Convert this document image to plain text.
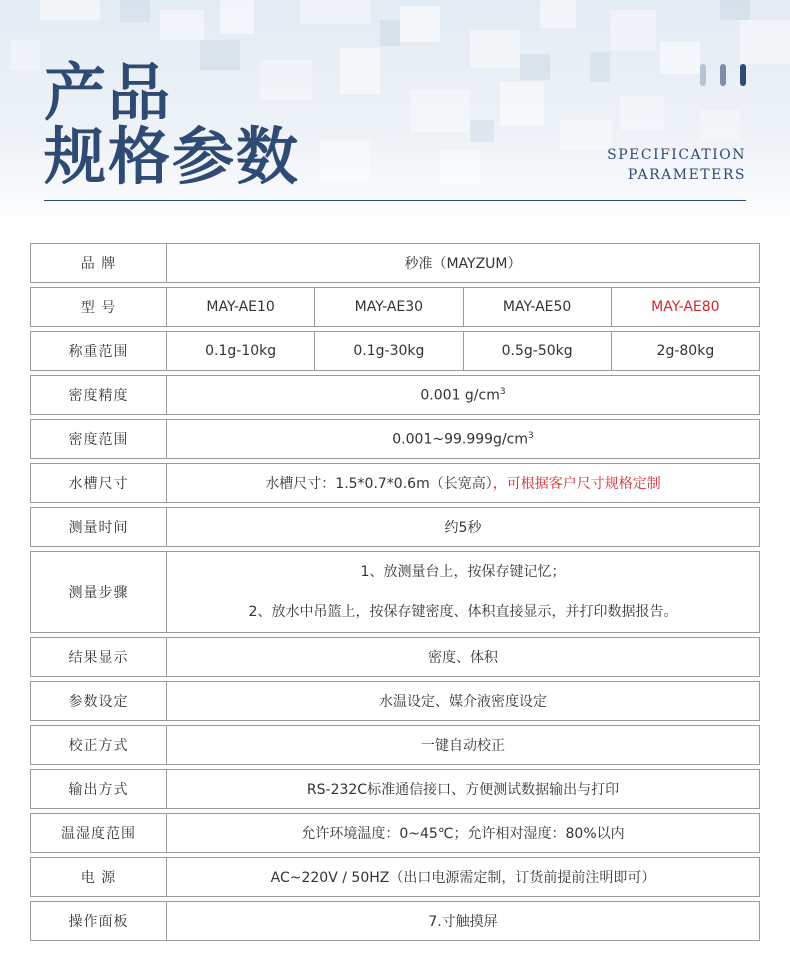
产品
规格参数	SPECIFICATION
PARAMETERS
品 牌	秒准（MAYZUM）

型 号	MAY-AE10 MAY-AE30 MAY-AE50 MAY-AE80

称重范围	0.1g-10kg 0.1g-30kg 0.5g-50kg 2g-80kg

密度精度	0.001 $g/cm^3$

密度范围	$0.001\sim 99.999g/cm^3$

水槽尺寸	水槽尺寸：1.5*0.7*0.6m（长宽高），可根据客户尺寸规格定制

测量时间	约5秒

测量步骤	1、放测量台上，按保存键记忆；
2、放水中吊篮上，按保存键密度、体积直接显示，并打印数据报告。

结果显示	密度、体积

参数设定	水温设定、媒介液密度设定

校正方式	一键自动校正

输出方式	RS-232C标准通信接口、方便测试数据输出与打印

温湿度范围	允许环境温度：0~45℃；允许相对湿度：80%以内

电 源	AC~220V / 50HZ（出口电源需定制，订货前提前注明即可）

操作面板	7.寸触摸屏
